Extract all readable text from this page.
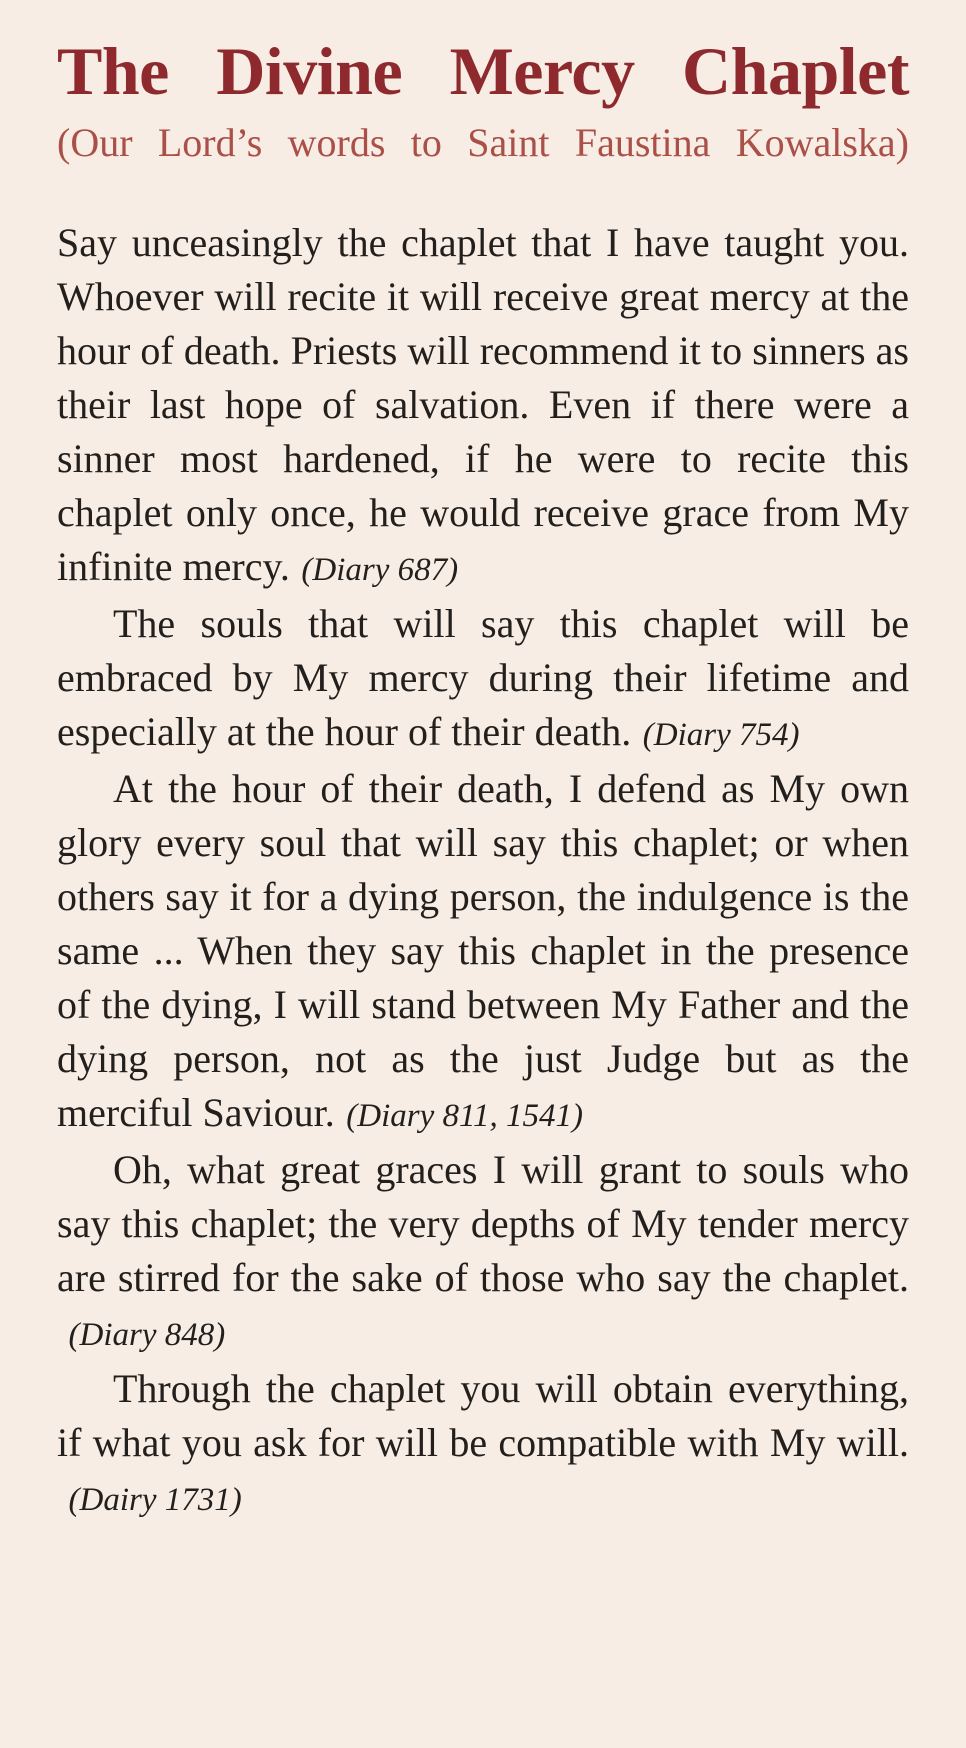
The Divine Mercy Chaplet
(Our Lord’s words to Saint Faustina Kowalska)

Say unceasingly the chaplet that I have taught you. Whoever will recite it will receive great mercy at the hour of death. Priests will recommend it to sinners as their last hope of salvation. Even if there were a sinner most hardened, if he were to recite this chaplet only once, he would receive grace from My infinite mercy. (Diary 687)

The souls that will say this chaplet will be embraced by My mercy during their lifetime and especially at the hour of their death. (Diary 754)

At the hour of their death, I defend as My own glory every soul that will say this chaplet; or when others say it for a dying person, the indulgence is the same ... When they say this chaplet in the presence of the dying, I will stand between My Father and the dying person, not as the just Judge but as the merciful Saviour. (Diary 811, 1541)

Oh, what great graces I will grant to souls who say this chaplet; the very depths of My tender mercy are stirred for the sake of those who say the chaplet.(Diary 848)

Through the chaplet you will obtain everything, if what you ask for will be compatible with My will.(Dairy 1731)
